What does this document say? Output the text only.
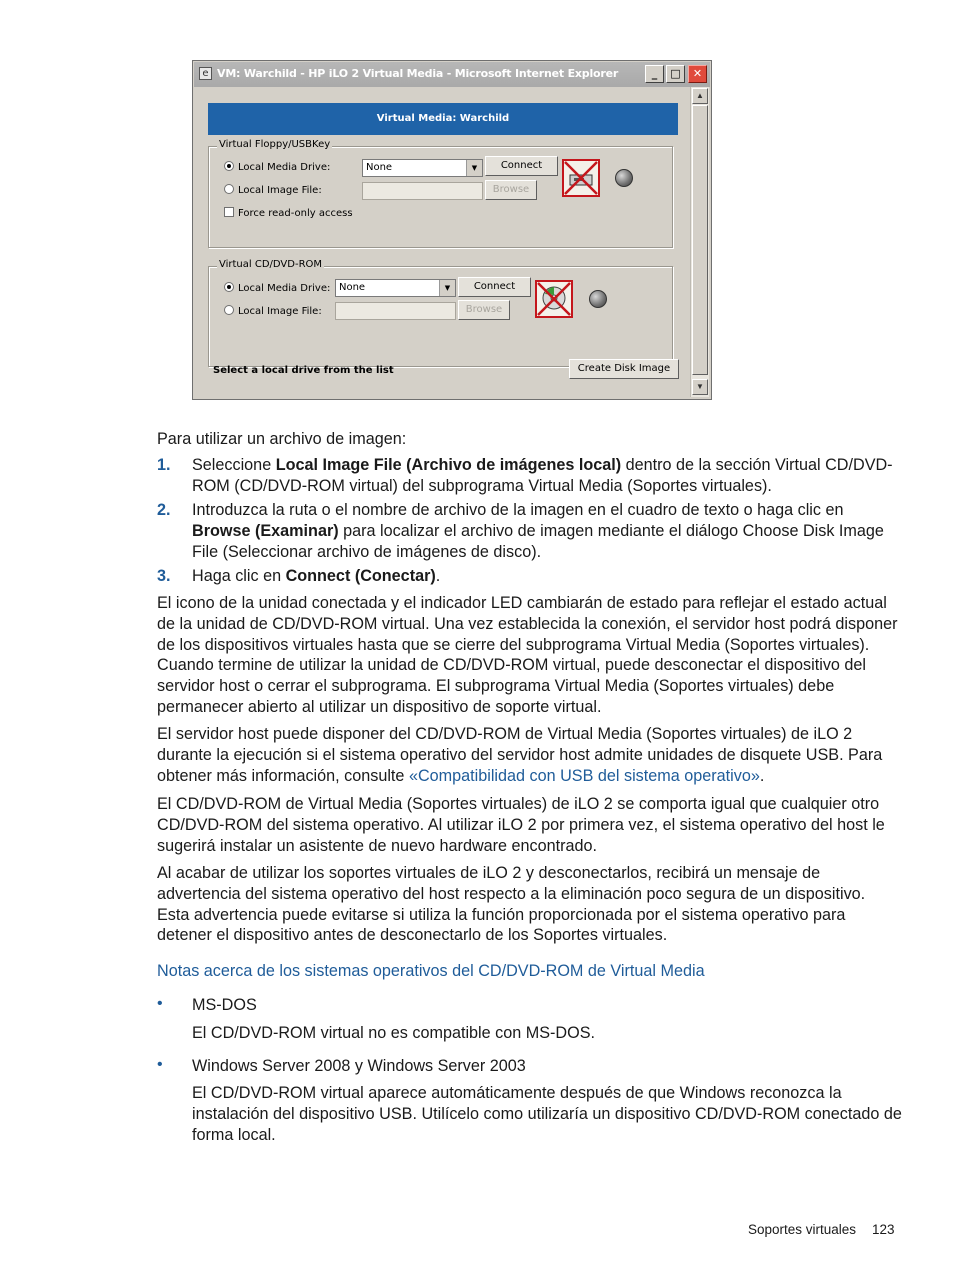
e VM: Warchild - HP iLO 2 Virtual Media - Microsoft Internet Explorer	_	□	✕
Virtual Media: Warchild
Virtual Floppy/USBKey
Local Media Drive:
Local Image File:
Force read-only access
None	▼	Connect
Browse
Virtual CD/DVD-ROM
Local Media Drive:
Local Image File:
None	▼	Connect
Browse
Select a local drive from the list	Create Disk Image
▲
▼
Para utilizar un archivo de imagen:
1. Seleccione Local Image File (Archivo de imágenes local) dentro de la sección Virtual CD/DVD-ROM (CD/DVD-ROM virtual) del subprograma Virtual Media (Soportes virtuales).
2. Introduzca la ruta o el nombre de archivo de la imagen en el cuadro de texto o haga clic en Browse (Examinar) para localizar el archivo de imagen mediante el diálogo Choose Disk Image File (Seleccionar archivo de imágenes de disco).
3. Haga clic en Connect (Conectar).
El icono de la unidad conectada y el indicador LED cambiarán de estado para reflejar el estado actual de la unidad de CD/DVD-ROM virtual. Una vez establecida la conexión, el servidor host podrá disponer de los dispositivos virtuales hasta que se cierre del subprograma Virtual Media (Soportes virtuales). Cuando termine de utilizar la unidad de CD/DVD-ROM virtual, puede desconectar el dispositivo del servidor host o cerrar el subprograma. El subprograma Virtual Media (Soportes virtuales) debe permanecer abierto al utilizar un dispositivo de soporte virtual.
El servidor host puede disponer del CD/DVD-ROM de Virtual Media (Soportes virtuales) de iLO 2 durante la ejecución si el sistema operativo del servidor host admite unidades de disquete USB. Para obtener más información, consulte «Compatibilidad con USB del sistema operativo».
El CD/DVD-ROM de Virtual Media (Soportes virtuales) de iLO 2 se comporta igual que cualquier otro CD/DVD-ROM del sistema operativo. Al utilizar iLO 2 por primera vez, el sistema operativo del host le sugerirá instalar un asistente de nuevo hardware encontrado.
Al acabar de utilizar los soportes virtuales de iLO 2 y desconectarlos, recibirá un mensaje de advertencia del sistema operativo del host respecto a la eliminación poco segura de un dispositivo. Esta advertencia puede evitarse si utiliza la función proporcionada por el sistema operativo para detener el dispositivo antes de desconectarlo de los Soportes virtuales.
Notas acerca de los sistemas operativos del CD/DVD-ROM de Virtual Media
• MS-DOS
El CD/DVD-ROM virtual no es compatible con MS-DOS.
• Windows Server 2008 y Windows Server 2003
El CD/DVD-ROM virtual aparece automáticamente después de que Windows reconozca la instalación del dispositivo USB. Utilícelo como utilizaría un dispositivo CD/DVD-ROM conectado de forma local.
Soportes virtuales 123
